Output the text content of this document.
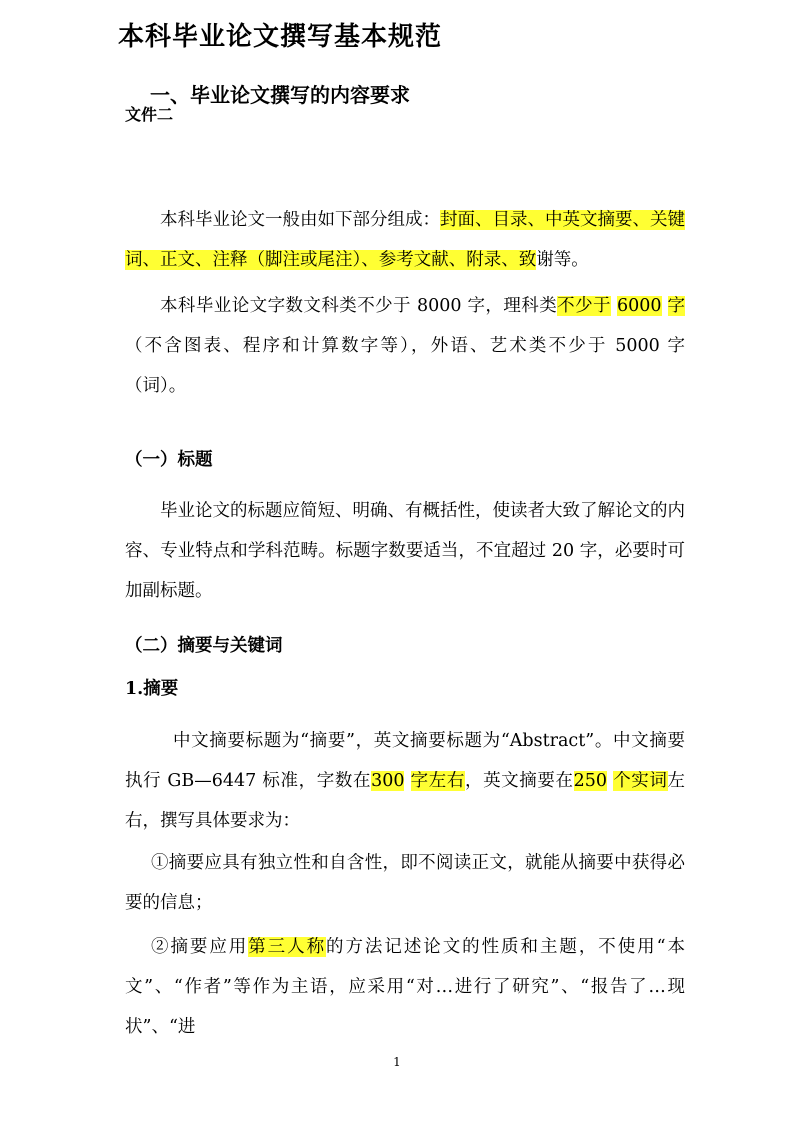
文件二

本科毕业论文撰写基本规范

本科毕业论文一般由如下部分组成：封面、目录、中英文摘要、关键词、正文、注释（脚注或尾注）、参考文献、附录、致谢等。

本科毕业论文字数文科类不少于 8000 字，理科类不少于 6000 字（不含图表、程序和计算数字等），外语、艺术类不少于 5000 字（词）。

一、毕业论文撰写的内容要求
（一）标题

毕业论文的标题应简短、明确、有概括性，使读者大致了解论文的内容、专业特点和学科范畴。标题字数要适当，不宜超过 20 字，必要时可加副标题。

（二）摘要与关键词
1.摘要

中文摘要标题为“摘要”，英文摘要标题为“Abstract”。中文摘要执行 GB—6447 标准，字数在300 字左右，英文摘要在250 个实词左右，撰写具体要求为：

①摘要应具有独立性和自含性，即不阅读正文，就能从摘要中获得必要的信息；

②摘要应用第三人称的方法记述论文的性质和主题，不使用“本文”、“作者”等作为主语，应采用“对…进行了研究”、“报告了…现状”、“进

1
